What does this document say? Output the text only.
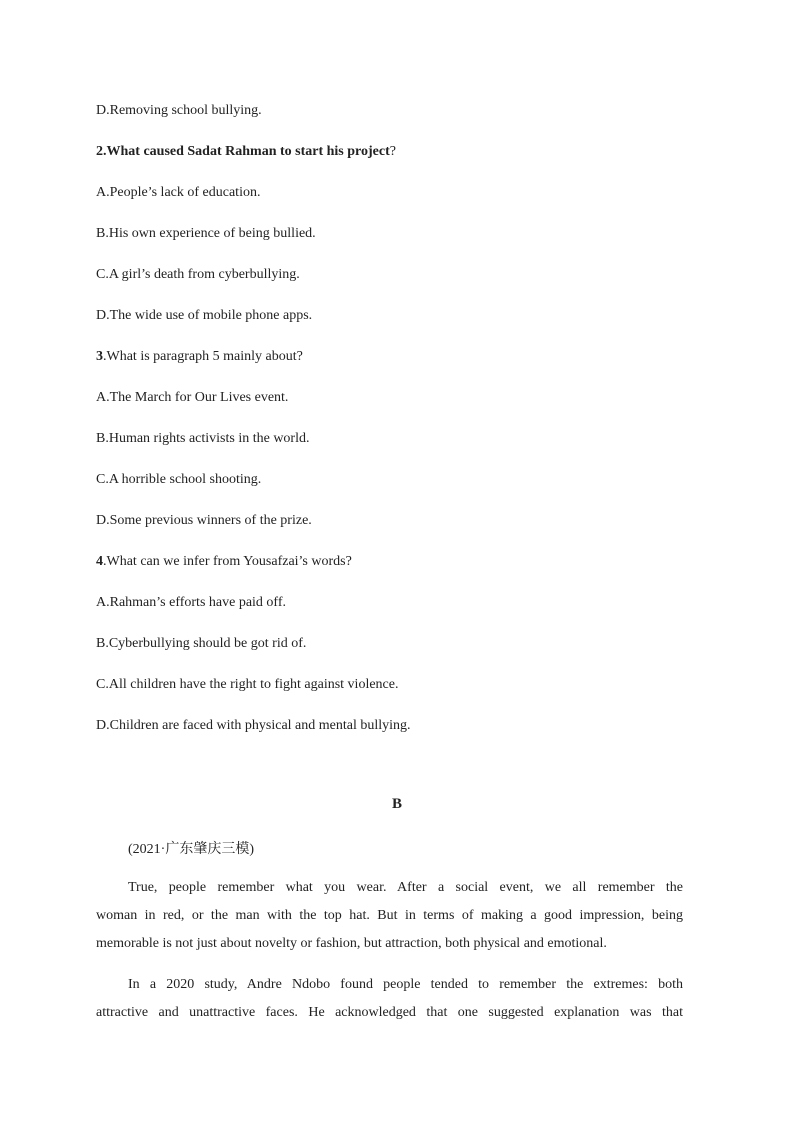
D.Removing school bullying.
2.What caused Sadat Rahman to start his project?
A.People’s lack of education.
B.His own experience of being bullied.
C.A girl’s death from cyberbullying.
D.The wide use of mobile phone apps.
3.What is paragraph 5 mainly about?
A.The March for Our Lives event.
B.Human rights activists in the world.
C.A horrible school shooting.
D.Some previous winners of the prize.
4.What can we infer from Yousafzai’s words?
A.Rahman’s efforts have paid off.
B.Cyberbullying should be got rid of.
C.All children have the right to fight against violence.
D.Children are faced with physical and mental bullying.
B
(2021·广东肇庆三模)
True, people remember what you wear. After a social event, we all remember the
woman in red, or the man with the top hat. But in terms of making a good impression, being
memorable is not just about novelty or fashion, but attraction, both physical and emotional.
In a 2020 study, Andre Ndobo found people tended to remember the extremes: both
attractive and unattractive faces. He acknowledged that one suggested explanation was that
